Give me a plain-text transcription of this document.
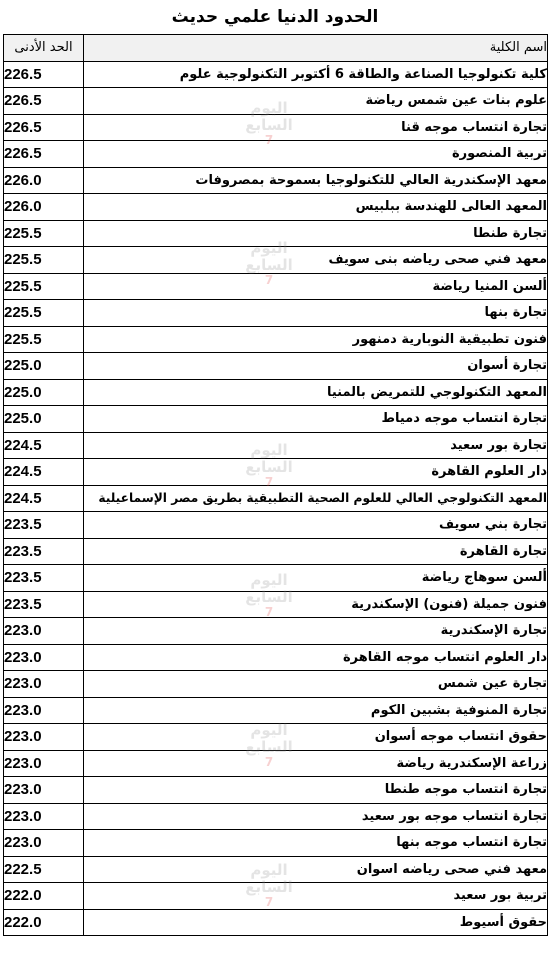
الحدود الدنيا علمي حديث
الحد الأدنى	اسم الكلية
226.5	كلية تكنولوجيا الصناعة والطاقة 6 أكتوبر التكنولوجية علوم
226.5	علوم بنات عين شمس رياضة
226.5	تجارة انتساب موجه قنا
226.5	تربية المنصورة
226.0	معهد الإسكندرية العالي للتكنولوجيا بسموحة بمصروفات
226.0	المعهد العالى للهندسة ببلبيس
225.5	تجارة طنطا
225.5	معهد فني صحى رياضه بنى سويف
225.5	ألسن المنيا رياضة
225.5	تجارة بنها
225.5	فنون تطبيقية النوبارية دمنهور
225.0	تجارة أسوان
225.0	المعهد التكنولوجي للتمريض بالمنيا
225.0	تجارة انتساب موجه دمياط
224.5	تجارة بور سعيد
224.5	دار العلوم القاهرة
224.5	المعهد التكنولوجي العالي للعلوم الصحية التطبيقية بطريق مصر الإسماعيلية
223.5	تجارة بني سويف
223.5	تجارة القاهرة
223.5	ألسن سوهاج رياضة
223.5	فنون جميلة (فنون) الإسكندرية
223.0	تجارة الإسكندرية
223.0	دار العلوم انتساب موجه القاهرة
223.0	تجارة عين شمس
223.0	تجارة المنوفية بشبين الكوم
223.0	حقوق انتساب موجه أسوان
223.0	زراعة الإسكندرية رياضة
223.0	تجارة انتساب موجه طنطا
223.0	تجارة انتساب موجه بور سعيد
223.0	تجارة انتساب موجه بنها
222.5	معهد فني صحى رياضه اسوان
222.0	تربية بور سعيد
222.0	حقوق أسيوط
اليوم
السابع
7
اليوم
السابع
7
اليوم
السابع
7
اليوم
السابع
7
اليوم
السابع
7
اليوم
السابع
7
